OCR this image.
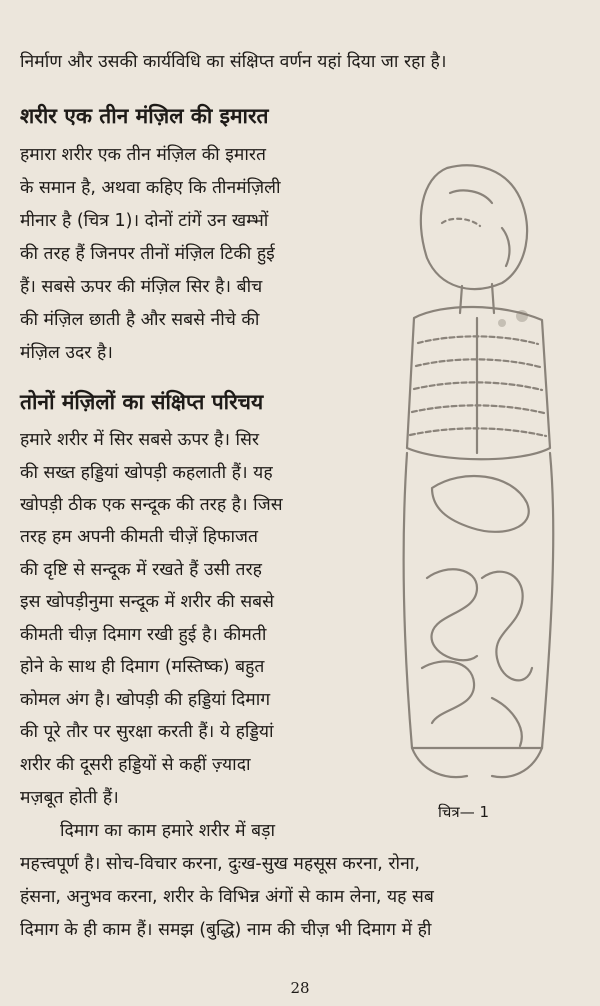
निर्माण और उसकी कार्यविधि का संक्षिप्त वर्णन यहां दिया जा रहा है।
शरीर एक तीन मंज़िल की इमारत
हमारा शरीर एक तीन मंज़िल की इमारत
के समान है, अथवा कहिए कि तीनमंज़िली
मीनार है (चित्र 1)। दोनों टांगें उन खम्भों
की तरह हैं जिनपर तीनों मंज़िल टिकी हुई
हैं। सबसे ऊपर की मंज़िल सिर है। बीच
की मंज़िल छाती है और सबसे नीचे की
मंज़िल उदर है।
तोनों मंज़िलों का संक्षिप्त परिचय
हमारे शरीर में सिर सबसे ऊपर है। सिर
की सख्त हड्डियां खोपड़ी कहलाती हैं। यह
खोपड़ी ठीक एक सन्दूक की तरह है। जिस
तरह हम अपनी कीमती चीज़ें हिफाजत
की दृष्टि से सन्दूक में रखते हैं उसी तरह
इस खोपड़ीनुमा सन्दूक में शरीर की सबसे
कीमती चीज़ दिमाग रखी हुई है। कीमती
होने के साथ ही दिमाग (मस्तिष्क) बहुत
कोमल अंग है। खोपड़ी की हड्डियां दिमाग
की पूरे तौर पर सुरक्षा करती हैं। ये हड्डियां
शरीर की दूसरी हड्डियों से कहीं ज़्यादा
मज़बूत होती हैं।
दिमाग का काम हमारे शरीर में बड़ा
महत्त्वपूर्ण है। सोच-विचार करना, दुःख-सुख महसूस करना, रोना,
हंसना, अनुभव करना, शरीर के विभिन्न अंगों से काम लेना, यह सब
दिमाग के ही काम हैं। समझ (बुद्धि) नाम की चीज़ भी दिमाग में ही
चित्र— 1
28
